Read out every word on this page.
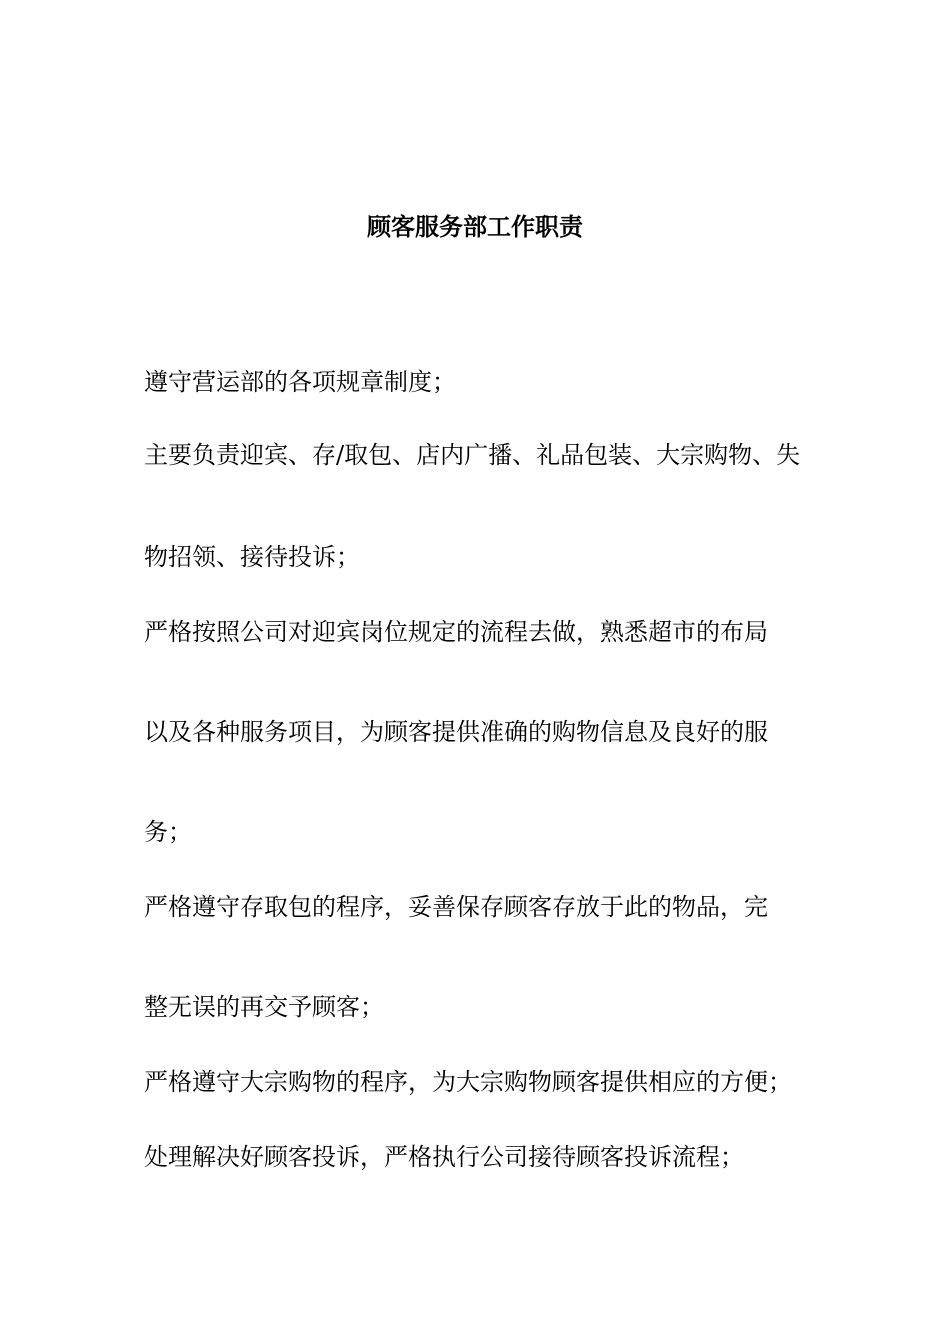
顾客服务部工作职责
遵守营运部的各项规章制度；
主要负责迎宾、存/取包、店内广播、礼品包装、大宗购物、失
物招领、接待投诉；
严格按照公司对迎宾岗位规定的流程去做，熟悉超市的布局
以及各种服务项目，为顾客提供准确的购物信息及良好的服
务；
严格遵守存取包的程序，妥善保存顾客存放于此的物品，完
整无误的再交予顾客；
严格遵守大宗购物的程序，为大宗购物顾客提供相应的方便；
处理解决好顾客投诉，严格执行公司接待顾客投诉流程；
